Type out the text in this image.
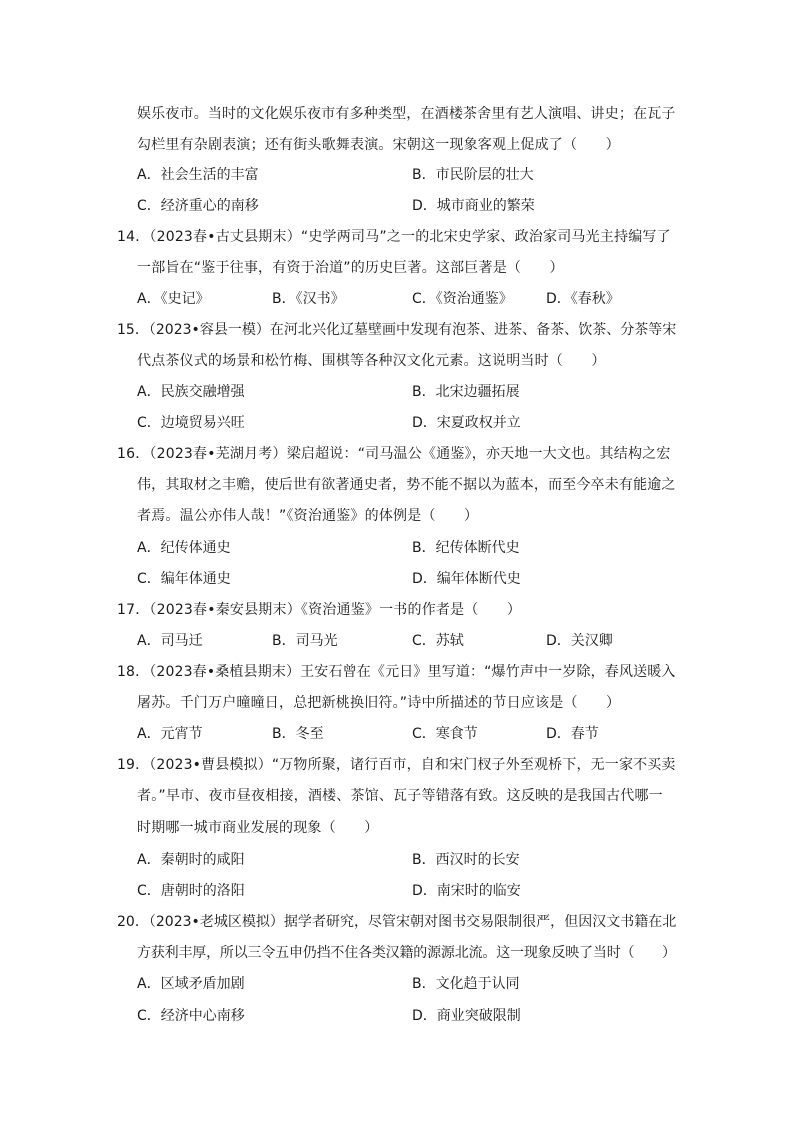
娱乐夜市。当时的文化娱乐夜市有多种类型，在酒楼茶舍里有艺人演唱、讲史；在瓦子
勾栏里有杂剧表演；还有街头歌舞表演。宋朝这一现象客观上促成了（　　）
A．社会生活的丰富	B．市民阶层的壮大
C．经济重心的南移	D．城市商业的繁荣
14．（2023春•古丈县期末）“史学两司马”之一的北宋史学家、政治家司马光主持编写了
一部旨在“鉴于往事，有资于治道”的历史巨著。这部巨著是（　　）
A．《史记》	B．《汉书》	C．《资治通鉴》 D．《春秋》
15．（2023•容县一模）在河北兴化辽墓壁画中发现有泡茶、进茶、备茶、饮茶、分茶等宋
代点茶仪式的场景和松竹梅、围棋等各种汉文化元素。这说明当时（　　）
A．民族交融增强	B．北宋边疆拓展
C．边境贸易兴旺	D．宋夏政权并立
16．（2023春•芜湖月考）梁启超说：“司马温公《通鉴》，亦天地一大文也。其结构之宏
伟，其取材之丰赡，使后世有欲著通史者，势不能不据以为蓝本，而至今卒未有能逾之
者焉。温公亦伟人哉！”《资治通鉴》的体例是（　　）
A．纪传体通史	B．纪传体断代史
C．编年体通史	D．编年体断代史
17．（2023春•秦安县期末）《资治通鉴》一书的作者是（　　）
A．司马迁	B．司马光	C．苏轼	D．关汉卿
18．（2023春•桑植县期末）王安石曾在《元日》里写道：“爆竹声中一岁除，春风送暖入
屠苏。千门万户曈曈日，总把新桃换旧符。”诗中所描述的节日应该是（　　）
A．元宵节	B．冬至	C．寒食节	D．春节
19．（2023•曹县模拟）“万物所聚，诸行百市，自和宋门杈子外至观桥下，无一家不买卖
者。”早市、夜市昼夜相接，酒楼、茶馆、瓦子等错落有致。这反映的是我国古代哪一
时期哪一城市商业发展的现象（　　）
A．秦朝时的咸阳	B．西汉时的长安
C．唐朝时的洛阳	D．南宋时的临安
20．（2023•老城区模拟）据学者研究，尽管宋朝对图书交易限制很严，但因汉文书籍在北
方获利丰厚，所以三令五申仍挡不住各类汉籍的源源北流。这一现象反映了当时（　　）
A．区域矛盾加剧	B．文化趋于认同
C．经济中心南移	D．商业突破限制
